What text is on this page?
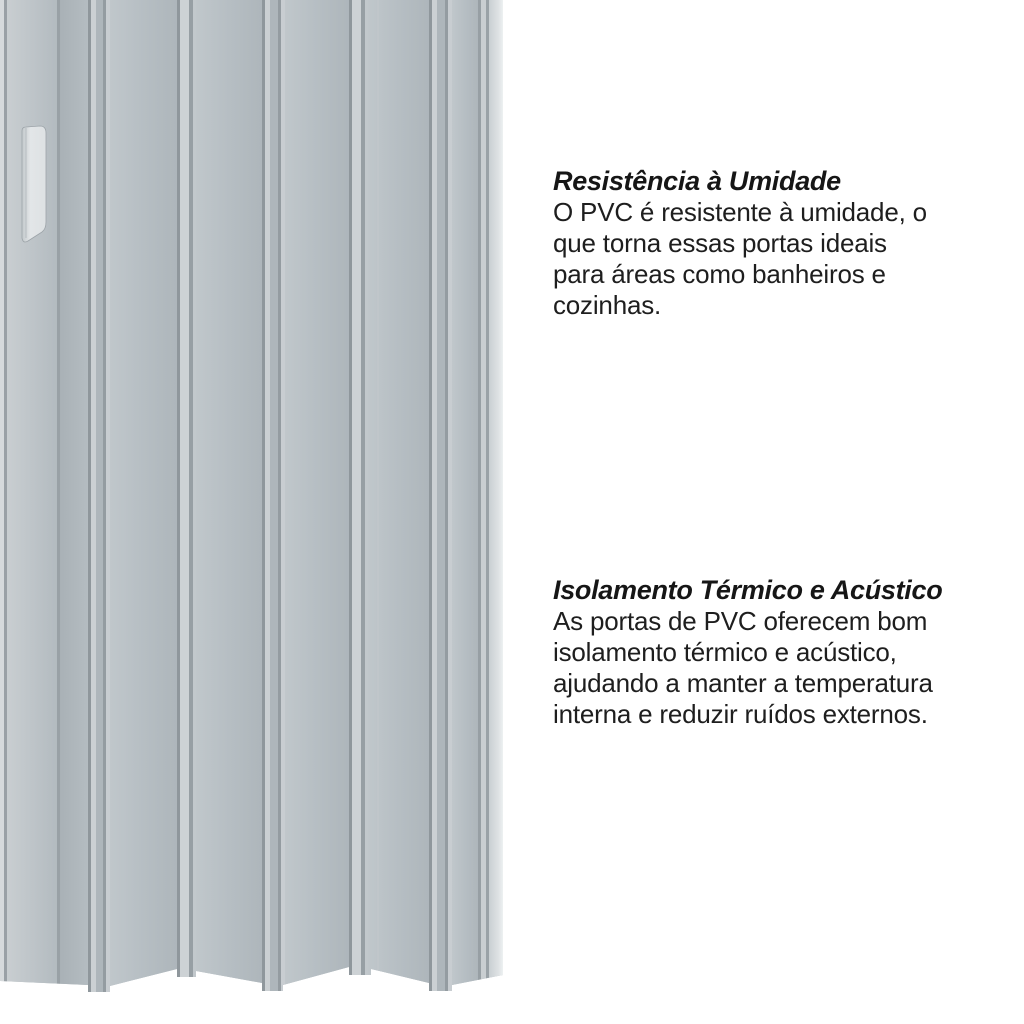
Resistência à Umidade
O PVC é resistente à umidade, o
que torna essas portas ideais
para áreas como banheiros e
cozinhas.
Isolamento Térmico e Acústico
As portas de PVC oferecem bom
isolamento térmico e acústico,
ajudando a manter a temperatura
interna e reduzir ruídos externos.
